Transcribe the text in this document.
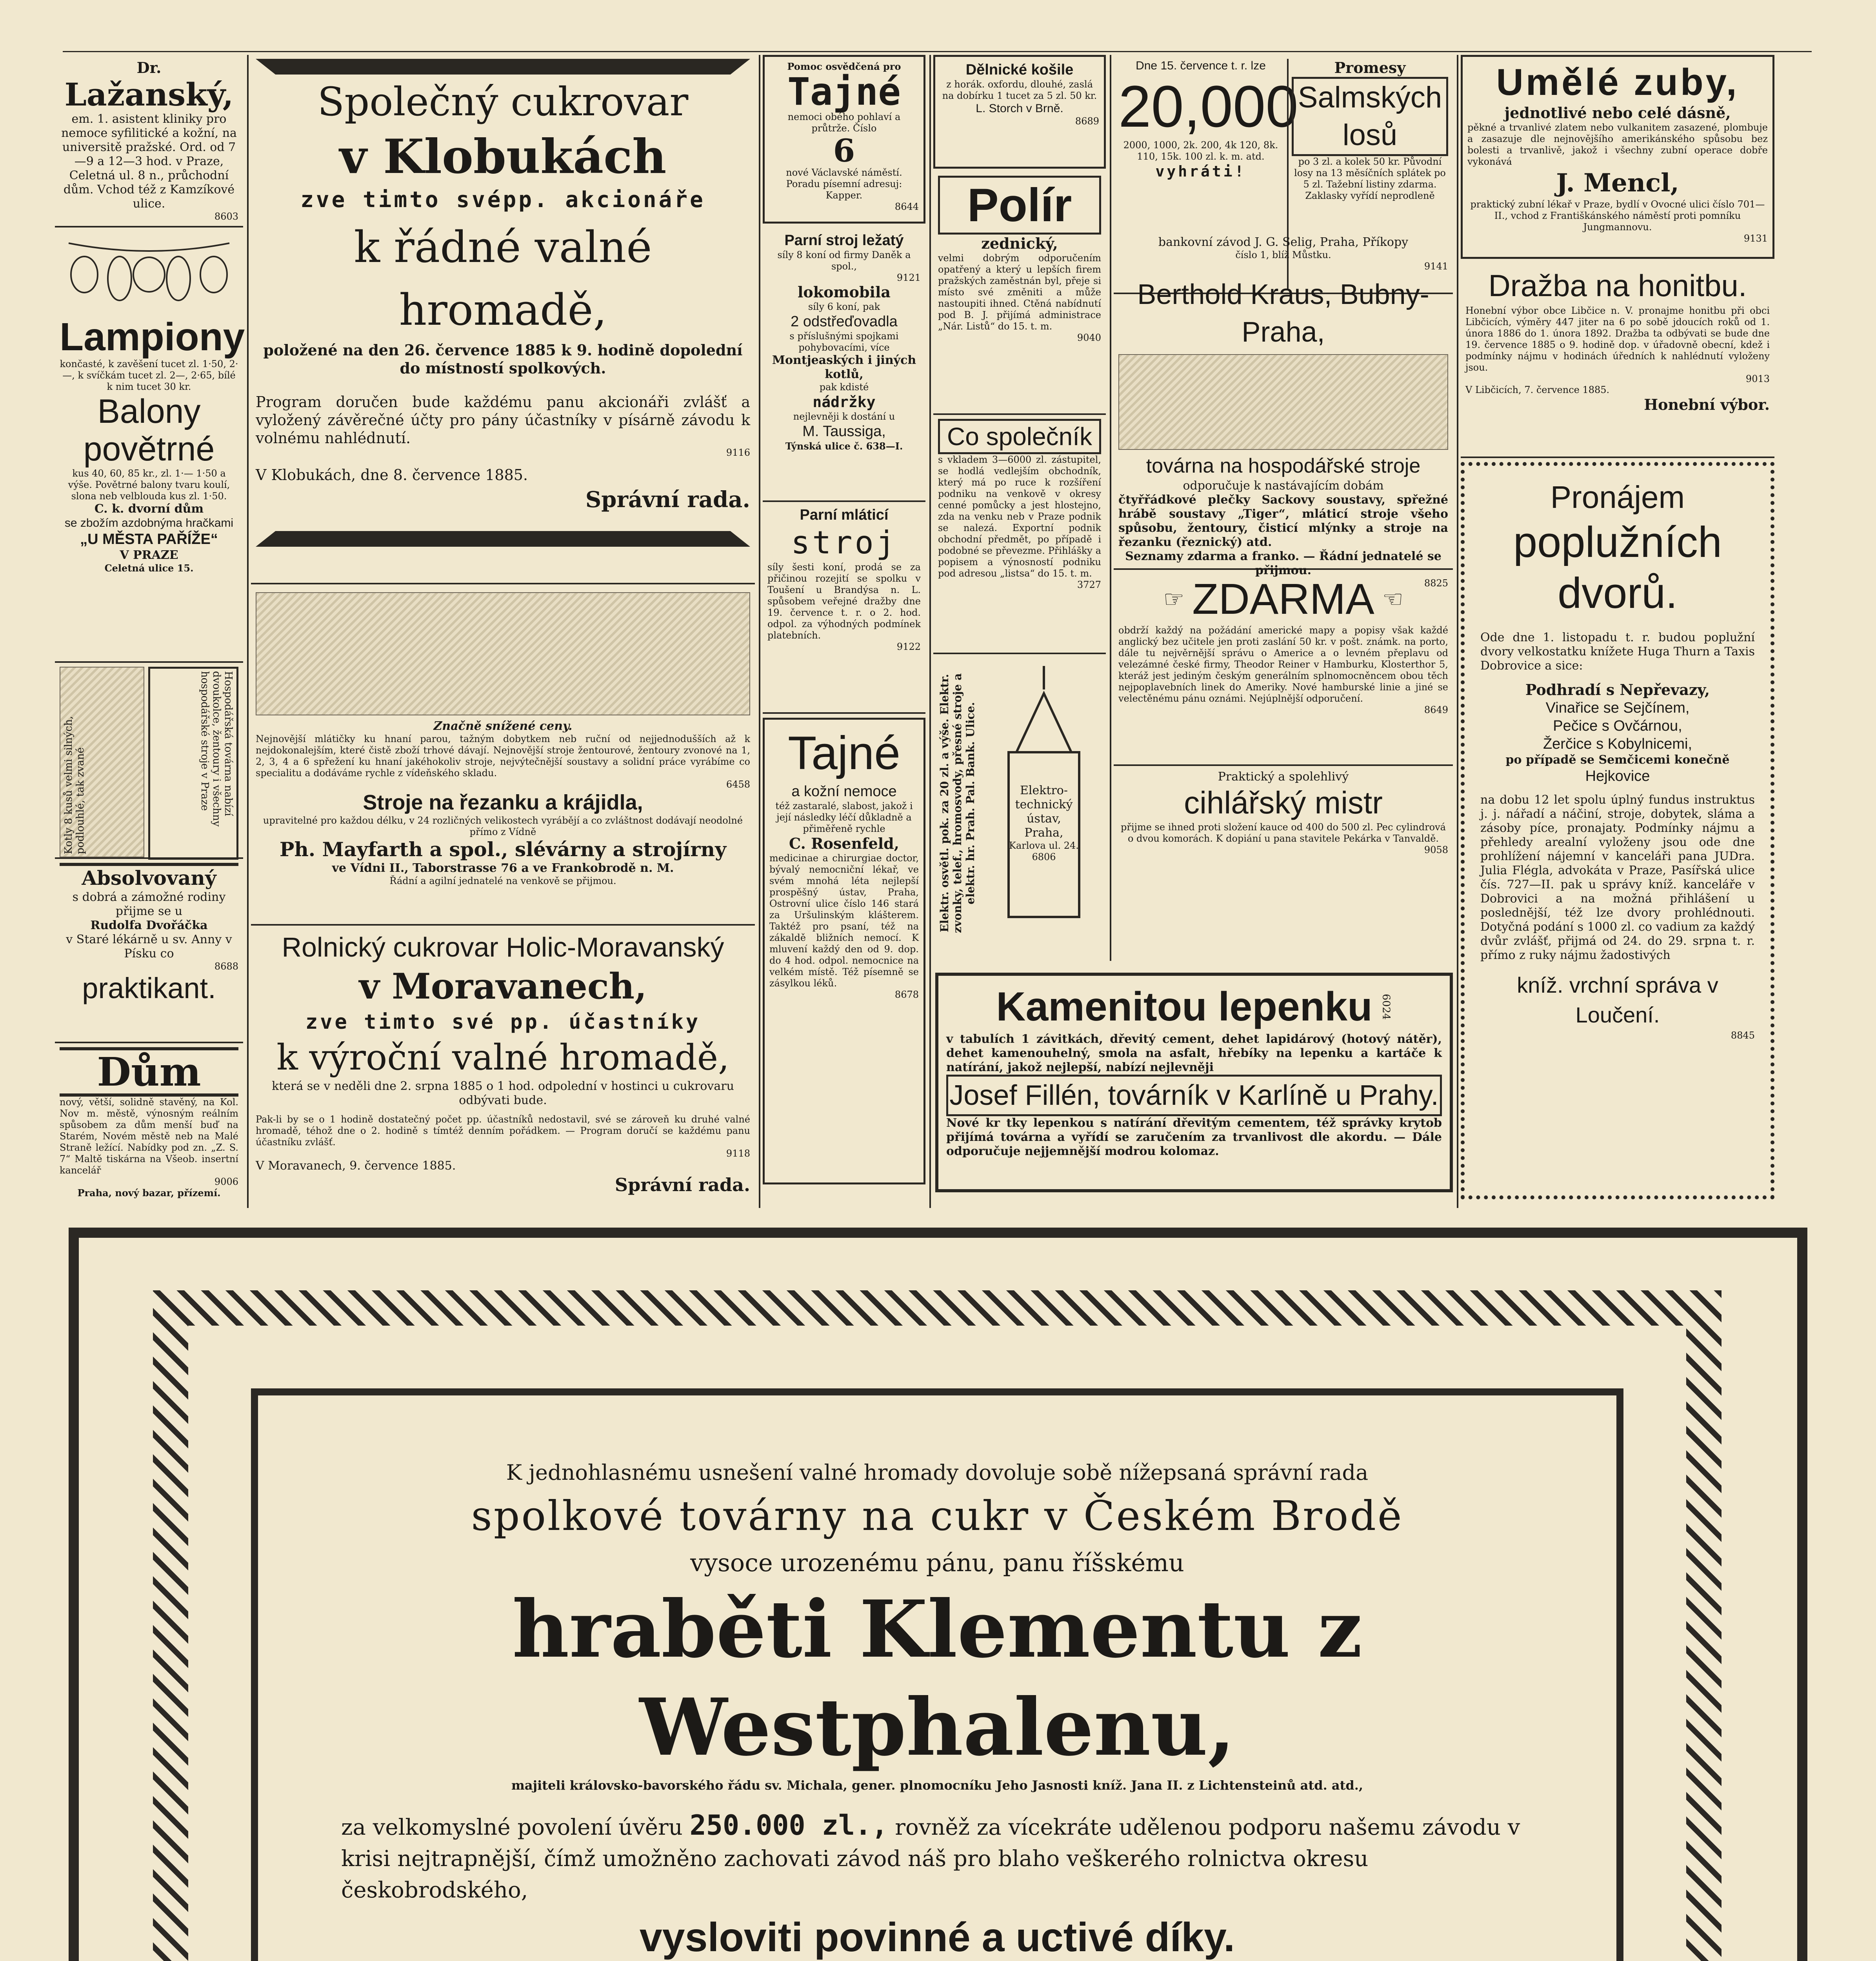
Dr.
Lažanský,
em. 1. asistent kliniky pro nemoce syfilitické a kožní, na universitě pražské. Ord. od 7—9 a 12—3 hod. v Praze, Celetná ul. 8 n., průchodní dům. Vchod též z Kamzíkové ulice.
8603
Lampiony
končasté, k zavěšení tucet zl. 1·50, 2·—, k svíčkám tucet zl. 2—, 2·65, bílé k nim tucet 30 kr.
Balony povětrné
kus 40, 60, 85 kr., zl. 1·— 1·50 a výše. Povětrné balony tvaru koulí, slona neb velblouda kus zl. 1·50.
C. k. dvorní dům
se zbožím azdobnýma hračkami
„U MĚSTA PAŘÍŽE“
V PRAZE
Celetná ulice 15.
Kotly 8 kusů velmi silných, podlouhlé, tak zvané	Hospodářská továrna nabízí dvoukolce, žentoury i všechny hospodářské stroje v Praze
Absolvovaný
s dobrá a zámožné rodiny přijme se u
Rudolfa Dvořáčka
v Staré lékárně u sv. Anny v Písku co
8688
praktikant.
Dům
nový, větší, solidně stavěný, na Kol. Nov m. městě, výnosným reálním spůsobem za dům menší buď na Starém, Novém městě neb na Malé Straně ležící. Nabídky pod zn. „Z. S. 7“ Maltě tiskárna na Všeob. insertní kancelář
9006
Praha, nový bazar, přízemí.
Společný cukrovar
v Klobukách
zve timto svépp. akcionáře
k řádné valné hromadě,
položené na den 26. července 1885 k 9. hodině dopolední do místností spolkových.
Program doručen bude každému panu akcionáři zvlášť a vyložený závěrečné účty pro pány účastníky v písárně závodu k volnému nahlédnutí.
9116
V Klobukách, dne 8. července 1885.
Správní rada.
Značně snížené ceny.
Nejnovější mlátičky ku hnaní parou, tažným dobytkem neb ruční od nejjednodušších až k nejdokonalejším, které čistě zboží trhové dávají. Nejnovější stroje žentourové, žentoury zvonové na 1, 2, 3, 4 a 6 spřežení ku hnaní jakéhokoliv stroje, nejvýtečnější soustavy a solidní práce vyrábíme co specialitu a dodáváme rychle z vídeňského skladu.
6458
Stroje na řezanku a krájidla,
upravitelné pro každou délku, v 24 rozličných velikostech vyrábějí a co zvláštnost dodávají neodolné přímo z Vídně
Ph. Mayfarth a spol., slévárny a strojírny
ve Vídni II., Taborstrasse 76 a ve Frankobrodě n. M.
Řádní a agilní jednatelé na venkově se přijmou.
Rolnický cukrovar Holic-Moravanský
v Moravanech,
zve timto své pp. účastníky
k výroční valné hromadě,
která se v neděli dne 2. srpna 1885 o 1 hod. odpolední v hostinci u cukrovaru odbývati bude.
Pak-li by se o 1 hodině dostatečný počet pp. účastníků nedostavil, své se zároveň ku druhé valné hromadě, téhož dne o 2. hodině s tímtéž denním pořádkem. — Program doručí se každému panu účastníku zvlášť.
9118
V Moravanech, 9. července 1885.
Správní rada.
Pomoc osvědčená pro
Tajné
nemoci obého pohlaví a průtrže. Číslo
6
nové Václavské náměstí. Poradu písemní adresuj: Kapper.
8644
Parní stroj ležatý
síly 8 koní od firmy Daněk a spol.,
9121
lokomobila
síly 6 koní, pak
2 odstřeďovadla
s příslušnými spojkami pohybovacími, více
Montjeaských i jiných kotlů,
pak kdisté
nádržky
nejlevněji k dostání u
M. Taussiga,
Týnská ulice č. 638—I.
Parní mláticí
stroj
síly šesti koní, prodá se za přičinou rozejití se spolku v Toušení u Brandýsa n. L. spůsobem veřejné dražby dne 19. července t. r. o 2. hod. odpol. za výhodných podmínek platebních.
9122
Tajné
a kožní nemoce
též zastaralé, slabost, jakož i její následky léčí důkladně a přiměřeně rychle
C. Rosenfeld,
medicinae a chirurgiae doctor, bývalý nemocniční lékař, ve svém mnohá léta nejlepší prospěšný ústav, Praha, Ostrovní ulice číslo 146 stará za Uršulinským klášterem. Taktéž pro psaní, též na zákaldě bližních nemocí. K mluvení každý den od 9. dop. do 4 hod. odpol. nemocnice na velkém místě. Též písemně se zásylkou léků.
8678
Dělnické košile
z horák. oxfordu, dlouhé, zaslá na dobírku 1 tucet za 5 zl. 50 kr.
L. Storch v Brně.
8689
Polír
zednický,
velmi dobrým odporučením opatřený a který u lepších firem pražských zaměstnán byl, přeje si místo své změniti a může nastoupiti ihned. Ctěná nabídnutí pod B. J. přijímá administrace „Nár. Listů“ do 15. t. m.
9040
Co společník
s vkladem 3—6000 zl. zástupitel, se hodlá vedlejším obchodník, který má po ruce k rozšíření podniku na venkově v okresy cenné pomůcky a jest hlostejno, zda na venku neb v Praze podnik se nalezá. Exportní podnik obchodní předmět, po případě i podobné se převezme. Přihlášky a popisem a výnosností podniku pod adresou „listsa“ do 15. t. m.
3727
Elektr. osvětl. pok. za 20 zl. a výše. Elektr. zvonky, telef., hromosvody, přesné stroje a elektr. hr. Prah. Pal. Bank. Ulice.	Elektro-
technický
ústav,
Praha,
Karlova ul. 24.
6806
Dne 15. července t. r. lze
20,000
2000, 1000, 2k. 200, 4k 120, 8k. 110, 15k. 100 zl. k. m. atd.
vyhráti!
Promesy
Salmských losů
po 3 zl. a kolek 50 kr. Původní losy na 13 měsíčních splátek po 5 zl. Tažební listiny zdarma. Zaklasky vyřídí neprodleně
bankovní závod J. G. Selig, Praha, Příkopy
číslo 1, blíž Můstku.
9141
Berthold Kraus, Bubny-Praha,
továrna na hospodářské stroje
odporučuje k nastávajícím dobám
čtyřřádkové plečky Sackovy soustavy, spřežné hrábě soustavy „Tiger“, mláticí stroje všeho spůsobu, žentoury, čisticí mlýnky a stroje na řezanku (řeznický) atd.
Seznamy zdarma a franko. — Řádní jednatelé se přijmou.
8825
☞ ZDARMA ☞
obdrží každý na požádání americké mapy a popisy však každé anglický bez učitele jen proti zaslání 50 kr. v pošt. známk. na porto, dále tu nejvěrnější správu o Americe a o levném přeplavu od velezámné české firmy, Theodor Reiner v Hamburku, Klosterthor 5, kteráž jest jediným českým generálním splnomocněncem obou těch nejpoplavebních linek do Ameriky. Nové hamburské linie a jiné se velectěnému pánu oznámi. Nejúplnější odporučení.
8649
Praktický a spolehlivý
cihlářský mistr
přijme se ihned proti složení kauce od 400 do 500 zl. Pec cylindrová o dvou komorách. K dopiání u pana stavitele Pekárka v Tanvaldě.
9058
Umělé zuby,
jednotlivé nebo celé dásně,
pěkné a trvanlivé zlatem nebo vulkanitem zasazené, plombuje a zasazuje dle nejnovějšího amerikánského spůsobu bez bolesti a trvanlivě, jakož i všechny zubní operace dobře vykonává
J. Mencl,
praktický zubní lékař v Praze, bydlí v Ovocné ulici číslo 701—II., vchod z Františkánského náměstí proti pomníku Jungmannovu.
9131
Dražba na honitbu.
Honební výbor obce Libčice n. V. pronajme honitbu při obci Libčicích, výměry 447 jiter na 6 po sobě jdoucích roků od 1. února 1886 do 1. února 1892. Dražba ta odbývati se bude dne 19. července 1885 o 9. hodině dop. v úřadovně obecní, kdež i podmínky nájmu v hodinách úředních k nahlédnutí vyloženy jsou.
9013
V Libčicích, 7. července 1885.
Honební výbor.
Pronájem
poplužních dvorů.
Ode dne 1. listopadu t. r. budou poplužní dvory velkostatku knížete Huga Thurn a Taxis Dobrovice a sice:
Podhradí s Nepřevazy,
Vinařice se Sejčínem,
Pečice s Ovčárnou,
Žerčice s Kobylnicemi,
po případě se Semčicemi konečně
Hejkovice
na dobu 12 let spolu úplný fundus instruktus j. j. nářadí a náčiní, stroje, dobytek, sláma a zásoby píce, pronajaty. Podmínky nájmu a přehledy arealní vyloženy jsou ode dne prohlížení nájemní v kanceláři pana JUDra. Julia Flégla, advokáta v Praze, Pasířská ulice čís. 727—II. pak u správy kníž. kanceláře v Dobrovici a na možná přihlášení u poslednější, též lze dvory prohlédnouti. Dotyčná podání s 1000 zl. co vadium za každý dvůr zvlášť, přijmá od 24. do 29. srpna t. r. přímo z ruky nájmu žadostivých
kníž. vrchní správa v Loučení.
8845
Kamenitou lepenku 6024
v tabulích 1 závitkách, dřevitý cement, dehet lapidárový (hotový nátěr), dehet kamenouhelný, smola na asfalt, hřebíky na lepenku a kartáče k natírání, jakož nejlepší, nabízí nejlevněji
Josef Fillén, továrník v Karlíně u Prahy.
Nové kr tky lepenkou s natírání dřevitým cementem, též správky krytob přijímá továrna a vyřídí se zaručením za trvanlivost dle akordu. — Dále odporučuje nejjemnější modrou kolomaz.
K jednohlasnému usnešení valné hromady dovoluje sobě nížepsaná správní rada
spolkové továrny na cukr v Českém Brodě
vysoce urozenému pánu, panu říšskému
hraběti Klementu z Westphalenu,
majiteli královsko-bavorského řádu sv. Michala, gener. plnomocníku Jeho Jasnosti kníž. Jana II. z Lichtensteinů atd. atd.,
za velkomyslné povolení úvěru 250.000 zl., rovněž za vícekráte udělenou podporu našemu závodu v krisi nejtrapnější, čímž umožněno zachovati závod náš pro blaho veškerého rolnictva okresu českobrodského,
vysloviti povinné a uctivé díky.
